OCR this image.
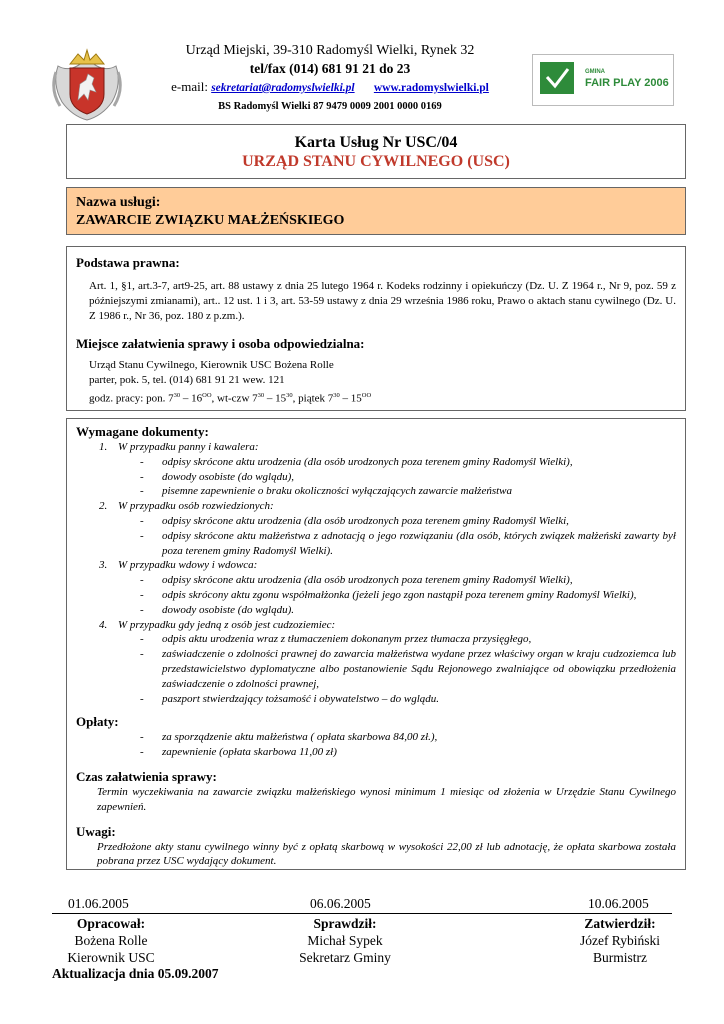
Urząd Miejski, 39-310 Radomyśl Wielki, Rynek 32
tel/fax (014) 681 91 21 do 23
e-mail: sekretariat@radomyslwielki.pl www.radomyslwielki.pl
BS Radomyśl Wielki 87 9479 0009 2001 0000 0169
GMINA
FAIR PLAY 2006
Karta Usług Nr USC/04
URZĄD STANU CYWILNEGO (USC)
Nazwa usługi:
ZAWARCIE ZWIĄZKU MAŁŻEŃSKIEGO
Podstawa prawna:
Art. 1, §1, art.3-7, art9-25, art. 88 ustawy z dnia 25 lutego 1964 r. Kodeks rodzinny i opiekuńczy (Dz. U. Z 1964 r., Nr 9, poz. 59 z późniejszymi zmianami), art.. 12 ust. 1 i 3, art. 53-59 ustawy z dnia 29 września 1986 roku, Prawo o aktach stanu cywilnego (Dz. U. Z 1986 r., Nr 36, poz. 180 z p.zm.).
Miejsce załatwienia sprawy i osoba odpowiedzialna:
Urząd Stanu Cywilnego, Kierownik USC Bożena Rolle
parter, pok. 5, tel. (014) 681 91 21 wew. 121
godz. pracy: pon. $7^{30} - 16^{OO}$, wt-czw $7^{30} - 15^{30}$, piątek $7^{30} - 15^{OO}$
Wymagane dokumenty:
1. W przypadku panny i kawalera:
- odpisy skrócone aktu urodzenia (dla osób urodzonych poza terenem gminy Radomyśl Wielki),
- dowody osobiste (do wglądu),
- pisemne zapewnienie o braku okoliczności wyłączających zawarcie małżeństwa
2. W przypadku osób rozwiedzionych:
- odpisy skrócone aktu urodzenia (dla osób urodzonych poza terenem gminy Radomyśl Wielki,
- odpisy skrócone aktu małżeństwa z adnotacją o jego rozwiązaniu (dla osób, których związek małżeński zawarty był poza terenem gminy Radomyśl Wielki).
3. W przypadku wdowy i wdowca:
- odpisy skrócone aktu urodzenia (dla osób urodzonych poza terenem gminy Radomyśl Wielki),
- odpis skrócony aktu zgonu współmałżonka (jeżeli jego zgon nastąpił poza terenem gminy Radomyśl Wielki),
- dowody osobiste (do wglądu).
4. W przypadku gdy jedną z osób jest cudzoziemiec:
- odpis aktu urodzenia wraz z tłumaczeniem dokonanym przez tłumacza przysięgłego,
- zaświadczenie o zdolności prawnej do zawarcia małżeństwa wydane przez właściwy organ w kraju cudzoziemca lub przedstawicielstwo dyplomatyczne albo postanowienie Sądu Rejonowego zwalniające od obowiązku przedłożenia zaświadczenie o zdolności prawnej,
- paszport stwierdzający tożsamość i obywatelstwo – do wglądu.
Opłaty:
- za sporządzenie aktu małżeństwa ( opłata skarbowa 84,00 zł.),
- zapewnienie (opłata skarbowa 11,00 zł)
Czas załatwienia sprawy:
Termin wyczekiwania na zawarcie związku małżeńskiego wynosi minimum 1 miesiąc od złożenia w Urzędzie Stanu Cywilnego zapewnień.
Uwagi:
Przedłożone akty stanu cywilnego winny być z opłatą skarbową w wysokości 22,00 zł lub adnotację, że opłata skarbowa została pobrana przez USC wydający dokument.
01.06.2005	06.06.2005	10.06.2005
Opracował:
Bożena Rolle
Kierownik USC
Sprawdził:
Michał Sypek
Sekretarz Gminy
Zatwierdził:
Józef Rybiński
Burmistrz
Aktualizacja dnia 05.09.2007
